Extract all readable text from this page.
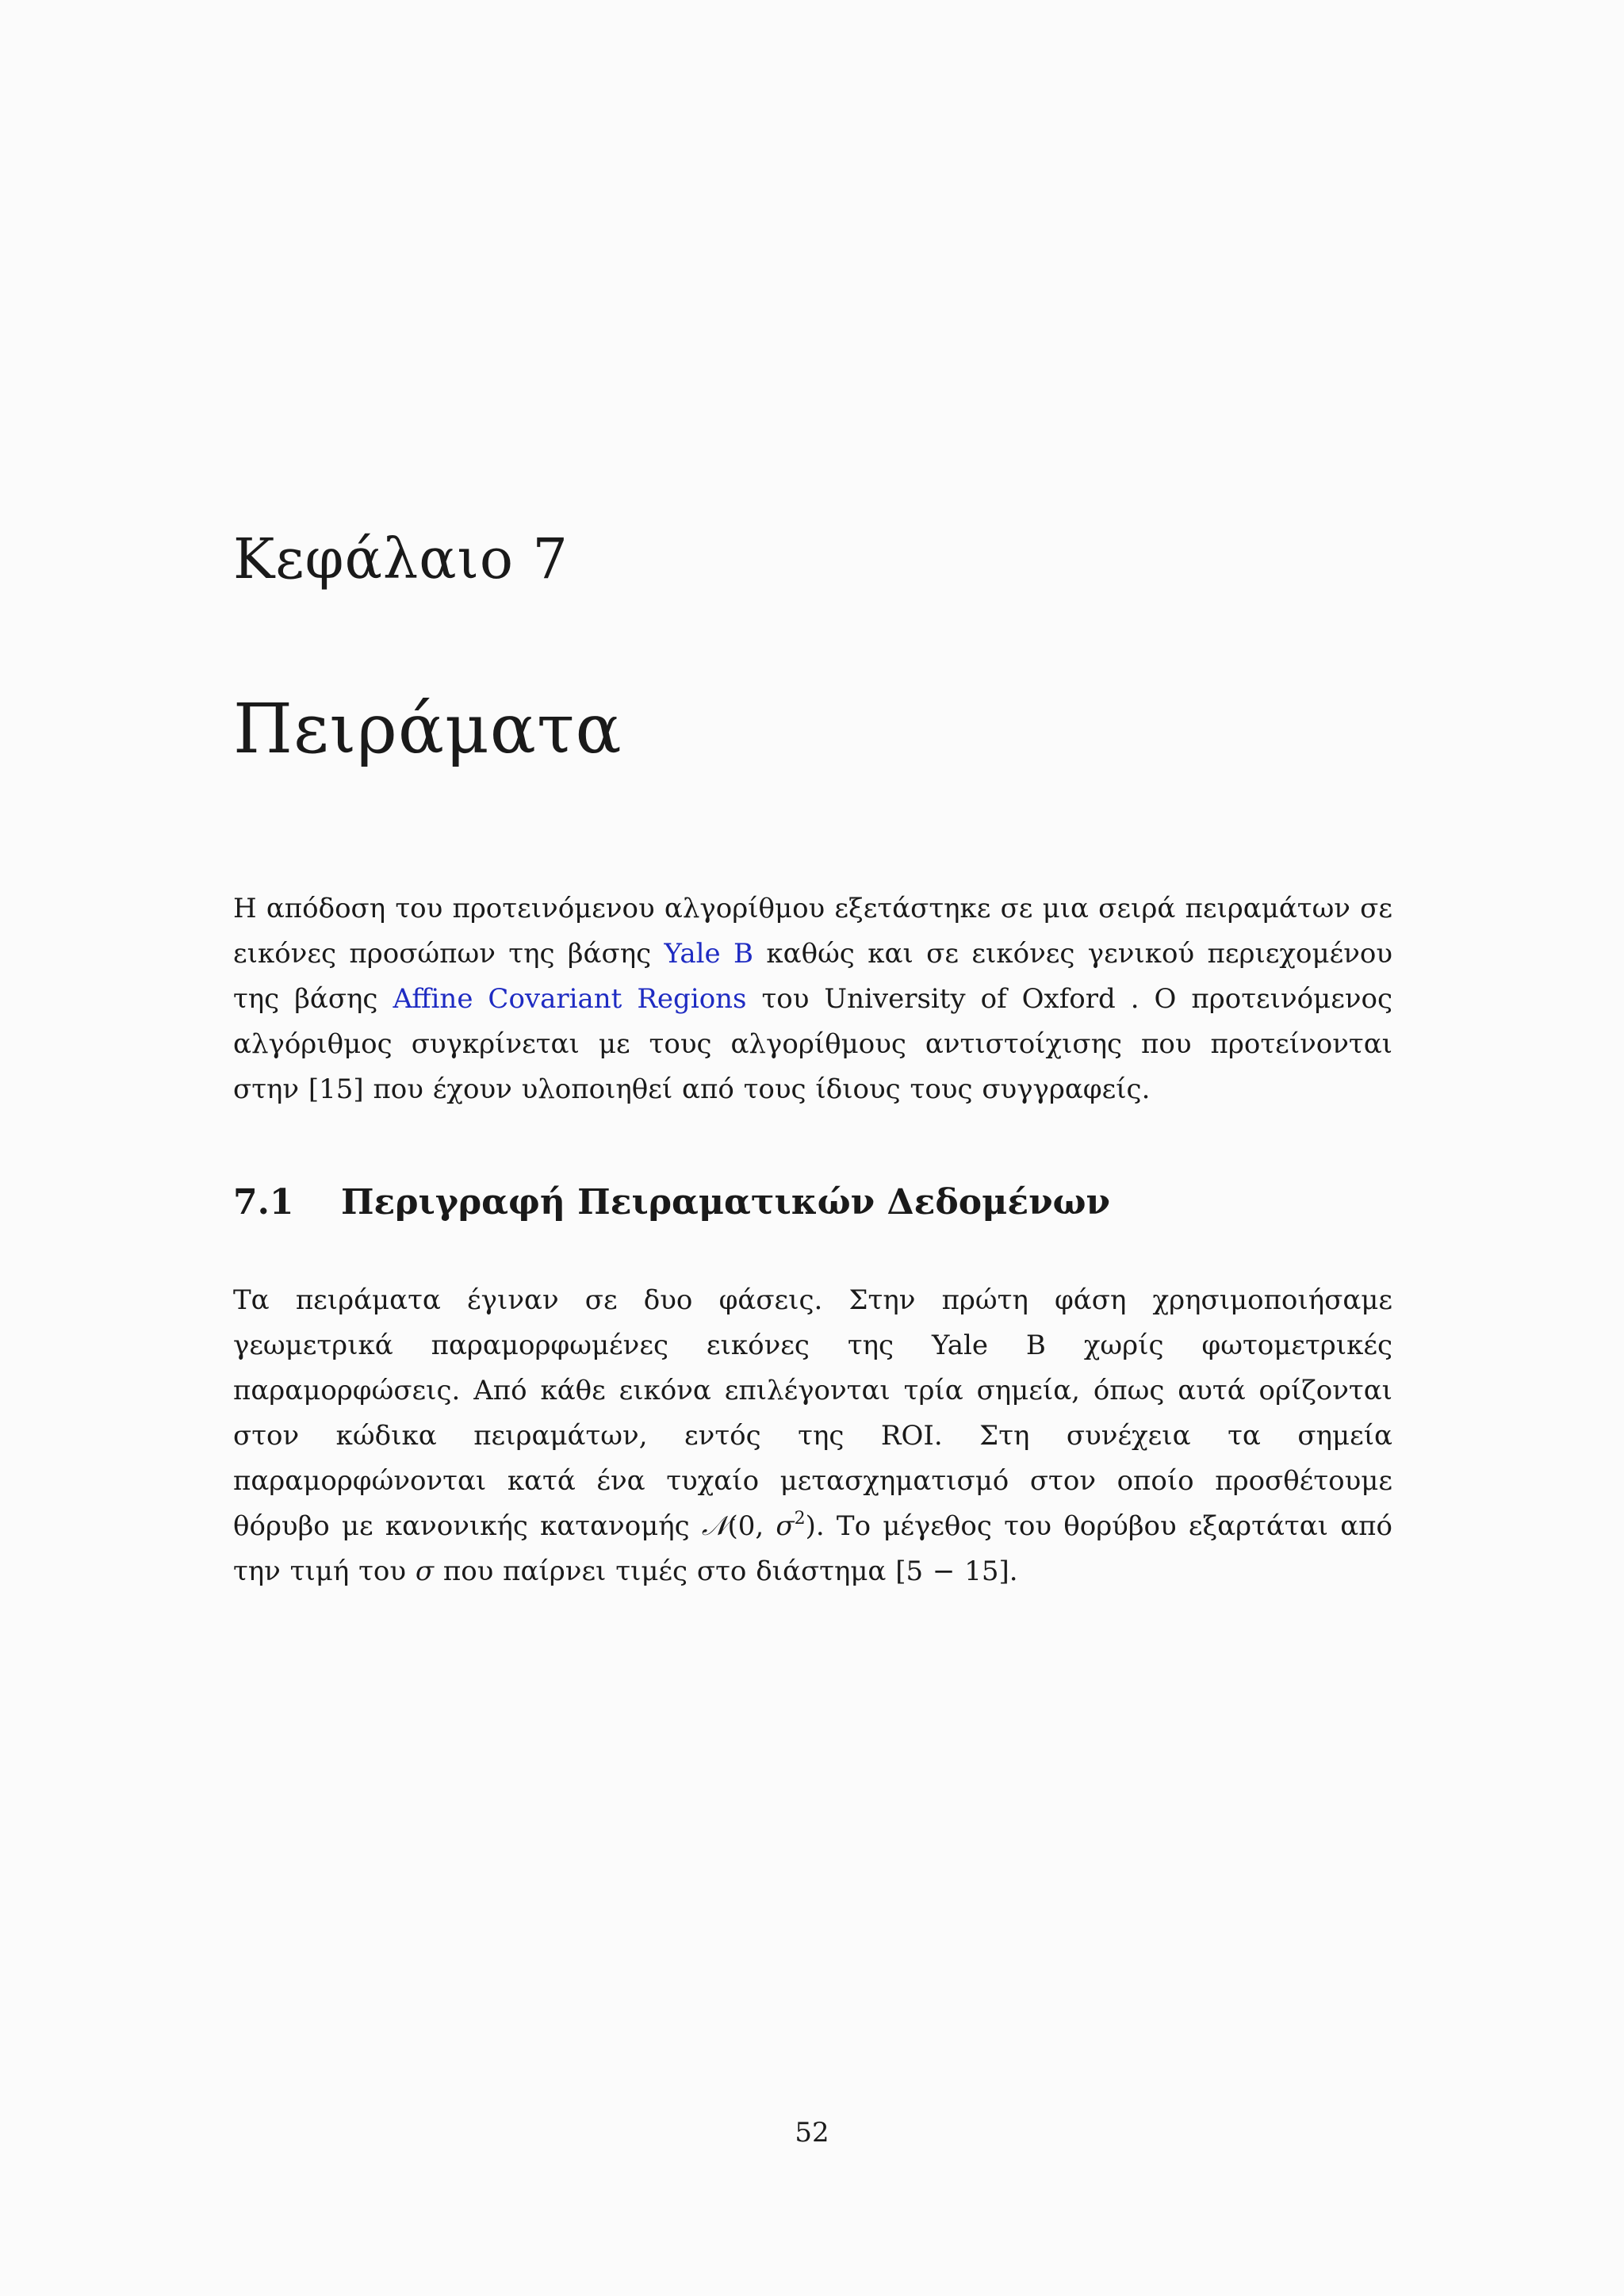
Κεφάλαιο 7
Πειράματα

Η απόδοση του προτεινόμενου αλγορίθμου εξετάστηκε σε μια σειρά πειραμάτων σε εικόνες προσώπων της βάσης Yale B καθώς και σε εικόνες γενικού περιεχομένου της βάσης Affine Covariant Regions του University of Oxford . Ο προτεινόμενος αλγόριθμος συγκρίνεται με τους αλγορίθμους αντιστοίχισης που προτείνονται στην [15] που έχουν υλοποιηθεί από τους ίδιους τους συγγραφείς.

7.1 Περιγραφή Πειραματικών Δεδομένων

Τα πειράματα έγιναν σε δυο φάσεις. Στην πρώτη φάση χρησιμοποιήσαμε γεωμετρικά παραμορφωμένες εικόνες της Yale B χωρίς φωτομετρικές παραμορφώσεις. Από κάθε εικόνα επιλέγονται τρία σημεία, όπως αυτά ορίζονται στον κώδικα πειραμάτων, εντός της ROI. Στη συνέχεια τα σημεία παραμορφώνονται κατά ένα τυχαίο μετασχηματισμό στον οποίο προσθέτουμε θόρυβο με κανονικής κατανομής 𝒩(0, $\sigma^2$). Το μέγεθος του θορύβου εξαρτάται από την τιμή του σ που παίρνει τιμές στο διάστημα [5 − 15].

52
